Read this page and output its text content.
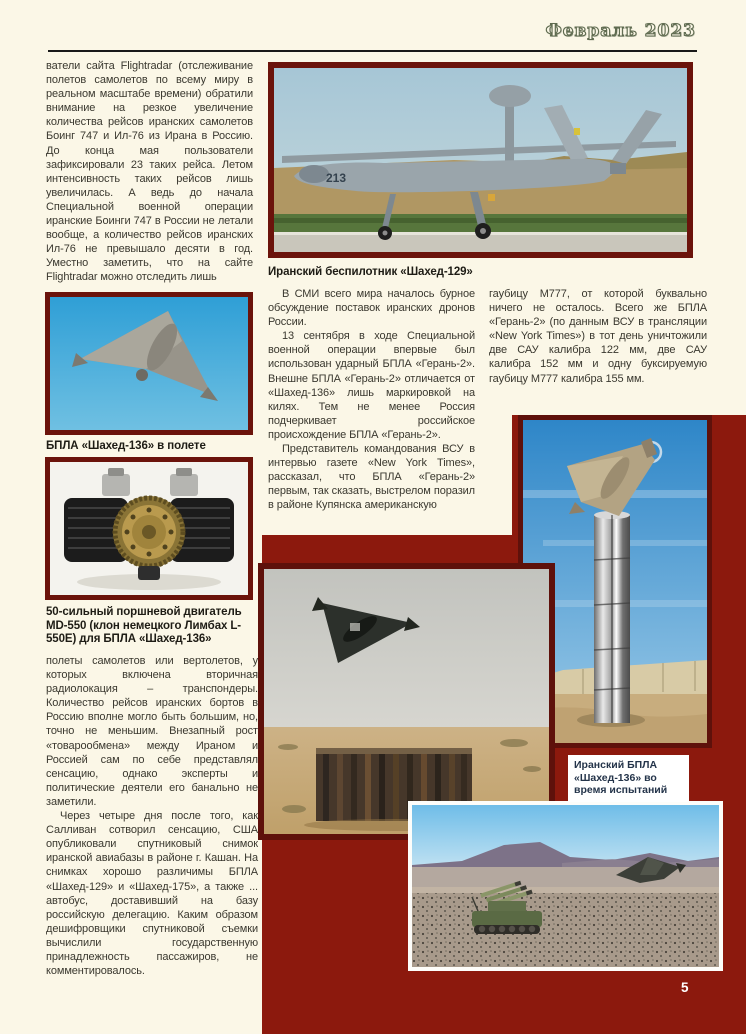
Февраль 2023

ватели сайта Flightradar (отслеживание полетов самолетов по всему миру в реальном масштабе времени) обратили внимание на резкое увеличение количества рейсов иранских самолетов Боинг 747 и Ил-76 из Ирана в Россию. До конца мая пользователи зафиксировали 23 таких рейса. Летом интенсивность таких рейсов лишь увеличилась. А ведь до начала Специальной военной операции иранские Боинги 747 в России не летали вообще, а количество рейсов иранских Ил-76 не превышало десяти в год. Уместно заметить, что на сайте Flightradar можно отследить лишь

В СМИ всего мира началось бурное обсуждение поставок иранских дронов России.

13 сентября в ходе Специальной военной операции впервые был использован ударный БПЛА «Герань-2». Внешне БПЛА «Герань-2» отличается от «Шахед-136» лишь маркировкой на килях. Тем не менее Россия подчеркивает российское происхождение БПЛА «Герань-2».

Представитель командования ВСУ в интервью газете «New York Times», рассказал, что БПЛА «Герань-2» первым, так сказать, выстрелом поразил в районе Купянска американскую

гаубицу М777, от которой буквально ничего не осталось. Всего же БПЛА «Герань-2» (по данным ВСУ в трансляции «New York Times») в тот день уничтожили две САУ калибра 122 мм, две САУ калибра 152 мм и одну буксируемую гаубицу М777 калибра 155 мм.

полеты самолетов или вертолетов, у которых включена вторичная радиолокация – транспондеры. Количество рейсов иранских бортов в Россию вполне могло быть большим, но, точно не меньшим. Внезапный рост «товарообмена» между Ираном и Россией сам по себе представлял сенсацию, однако эксперты и политические деятели его банально не заметили.

Через четыре дня после того, как Салливан сотворил сенсацию, США опубликовали спутниковый снимок иранской авиабазы в районе г. Кашан. На снимках хорошо различимы БПЛА «Шахед-129» и «Шахед-175», а также ... автобус, доставивший на базу российскую делегацию. Каким образом дешифровщики спутниковой съемки вычислили государственную принадлежность пассажиров, не комментировалось.

213
Иранский беспилотник «Шахед-129»
БПЛА «Шахед-136» в полете
50-сильный поршневой двигатель MD-550 (клон немецкого Лимбах L-550E) для БПЛА «Шахед-136»
Иранский БПЛА «Шахед-136» во время испытаний
5
